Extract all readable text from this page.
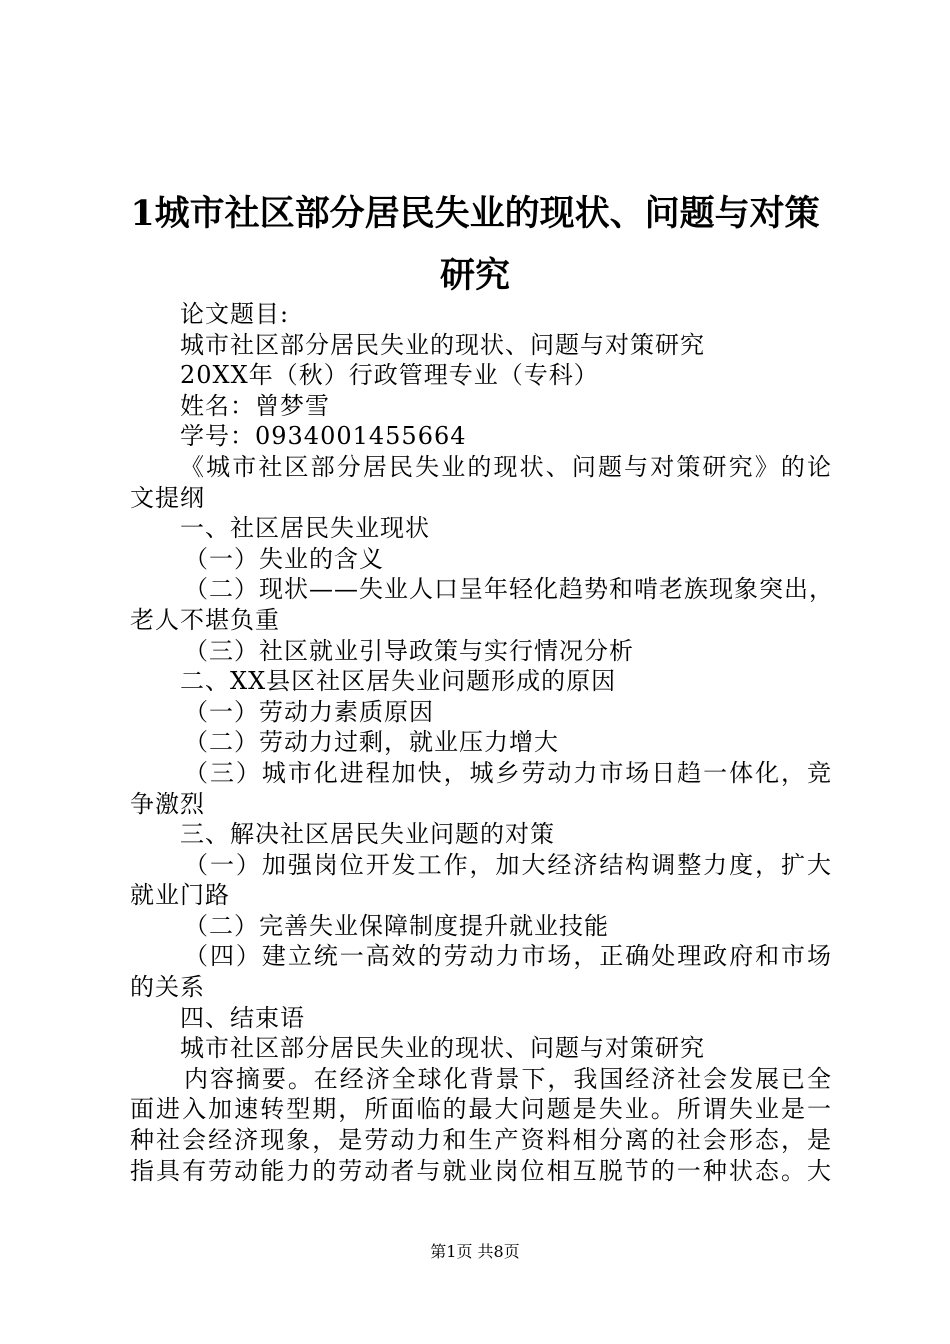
1城市社区部分居民失业的现状、问题与对策
研究
论文题目:
城市社区部分居民失业的现状、问题与对策研究
20XX年（秋）行政管理专业（专科）
姓名：曾梦雪
学号：0934001455664
《城市社区部分居民失业的现状、问题与对策研究》的论
文提纲
一、社区居民失业现状
（一）失业的含义
（二）现状——失业人口呈年轻化趋势和啃老族现象突出，
老人不堪负重
（三）社区就业引导政策与实行情况分析
二、XX县区社区居失业问题形成的原因
（一）劳动力素质原因
（二）劳动力过剩，就业压力增大
（三）城市化进程加快，城乡劳动力市场日趋一体化，竞
争激烈
三、解决社区居民失业问题的对策
（一）加强岗位开发工作，加大经济结构调整力度，扩大
就业门路
（二）完善失业保障制度提升就业技能
（四）建立统一高效的劳动力市场，正确处理政府和市场
的关系
四、结束语
城市社区部分居民失业的现状、问题与对策研究
内容摘要。在经济全球化背景下，我国经济社会发展已全
面进入加速转型期，所面临的最大问题是失业。所谓失业是一
种社会经济现象，是劳动力和生产资料相分离的社会形态，是
指具有劳动能力的劳动者与就业岗位相互脱节的一种状态。大
第1页 共8页
